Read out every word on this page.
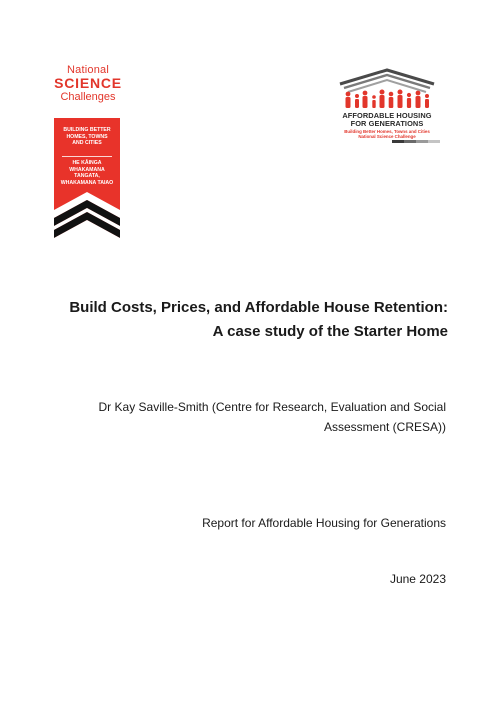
National
SCIENCE
Challenges
BUILDING BETTER
HOMES, TOWNS
AND CITIES
HE KĀINGA
WHAKAMANA
TANGATA,
WHAKAMANA TAIAO
AFFORDABLE HOUSING
FOR GENERATIONS
Building Better Homes, Towns and Cities
National Science Challenge
Build Costs, Prices, and Affordable House Retention:
A case study of the Starter Home
Dr Kay Saville-Smith (Centre for Research, Evaluation and Social
Assessment (CRESA))
Report for Affordable Housing for Generations
June 2023
